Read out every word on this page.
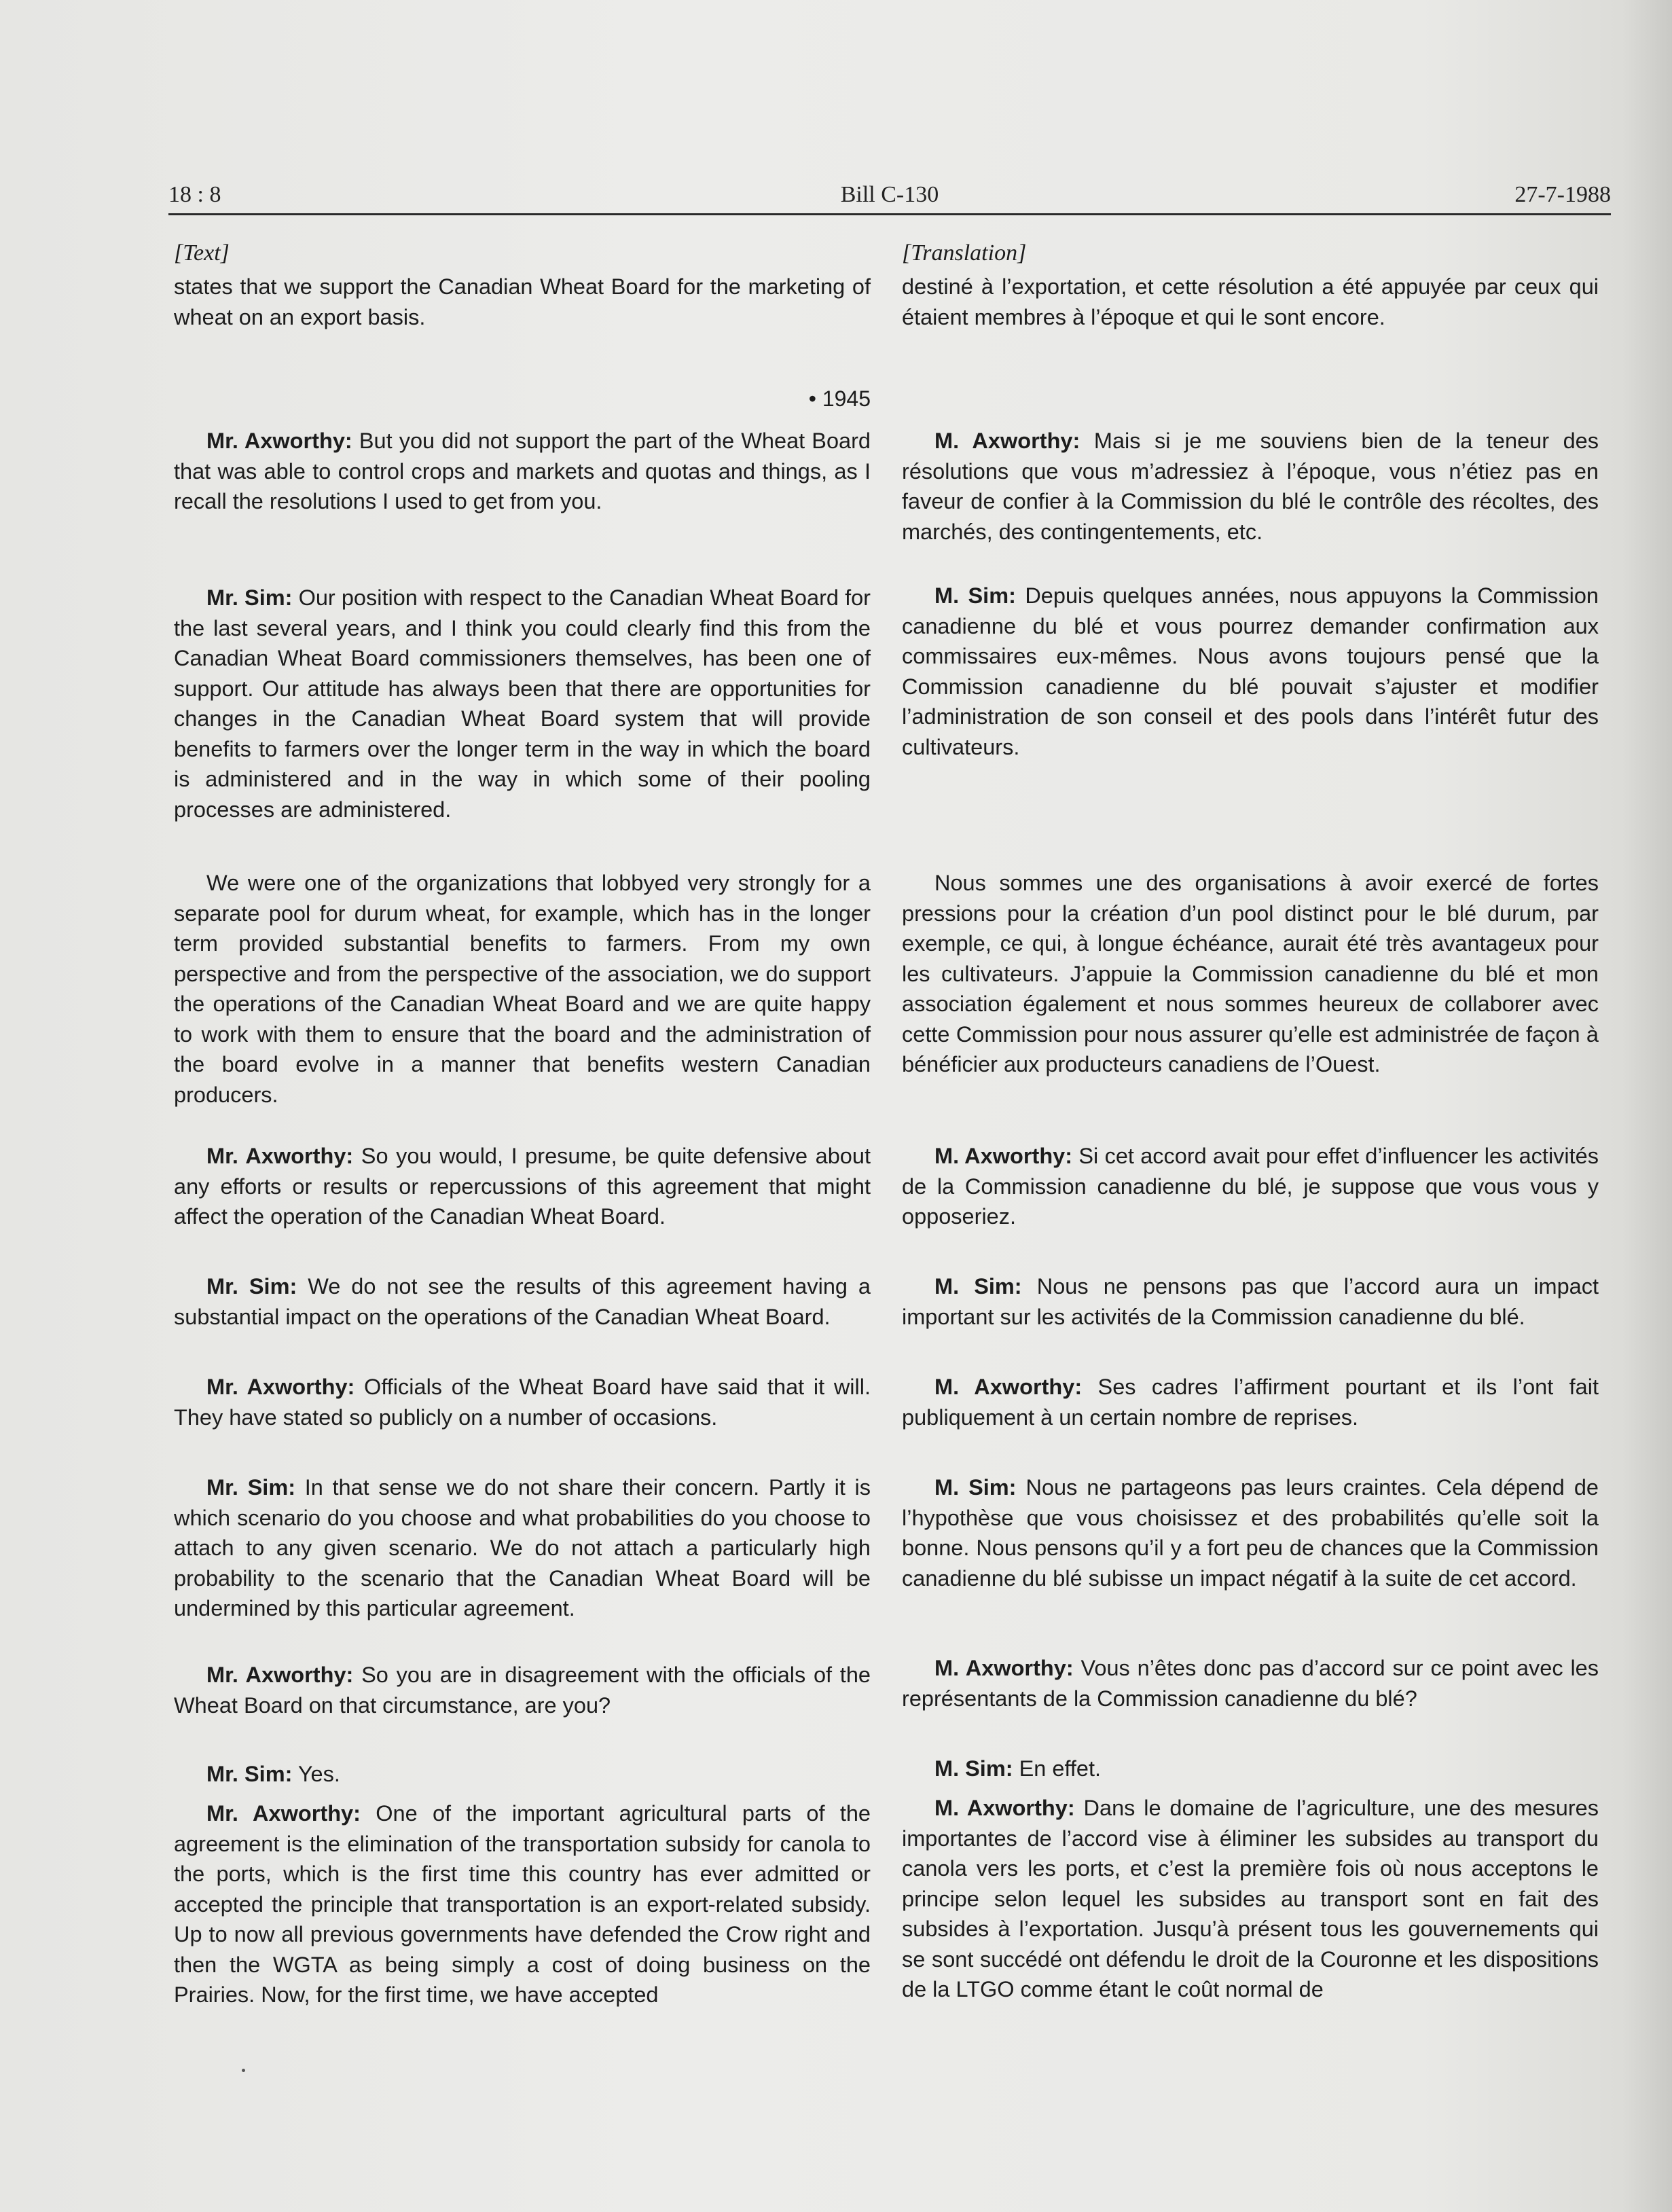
18 : 8	Bill C-130	27-7-1988

[Text]

states that we support the Canadian Wheat Board for the marketing of wheat on an export basis.

• 1945

Mr. Axworthy: But you did not support the part of the Wheat Board that was able to control crops and markets and quotas and things, as I recall the resolutions I used to get from you.

Mr. Sim: Our position with respect to the Canadian Wheat Board for the last several years, and I think you could clearly find this from the Canadian Wheat Board commissioners themselves, has been one of support. Our attitude has always been that there are opportunities for changes in the Canadian Wheat Board system that will provide benefits to farmers over the longer term in the way in which the board is administered and in the way in which some of their pooling processes are administered.

We were one of the organizations that lobbyed very strongly for a separate pool for durum wheat, for example, which has in the longer term provided substantial benefits to farmers. From my own perspective and from the perspective of the association, we do support the operations of the Canadian Wheat Board and we are quite happy to work with them to ensure that the board and the administration of the board evolve in a manner that benefits western Canadian producers.

Mr. Axworthy: So you would, I presume, be quite defensive about any efforts or results or repercussions of this agreement that might affect the operation of the Canadian Wheat Board.

Mr. Sim: We do not see the results of this agreement having a substantial impact on the operations of the Canadian Wheat Board.

Mr. Axworthy: Officials of the Wheat Board have said that it will. They have stated so publicly on a number of occasions.

Mr. Sim: In that sense we do not share their concern. Partly it is which scenario do you choose and what probabilities do you choose to attach to any given scenario. We do not attach a particularly high probability to the scenario that the Canadian Wheat Board will be undermined by this particular agreement.

Mr. Axworthy: So you are in disagreement with the officials of the Wheat Board on that circumstance, are you?

Mr. Sim: Yes.

Mr. Axworthy: One of the important agricultural parts of the agreement is the elimination of the transportation subsidy for canola to the ports, which is the first time this country has ever admitted or accepted the principle that transportation is an export-related subsidy. Up to now all previous governments have defended the Crow right and then the WGTA as being simply a cost of doing business on the Prairies. Now, for the first time, we have accepted

[Translation]

destiné à l’exportation, et cette résolution a été appuyée par ceux qui étaient membres à l’époque et qui le sont encore.

M. Axworthy: Mais si je me souviens bien de la teneur des résolutions que vous m’adressiez à l’époque, vous n’étiez pas en faveur de confier à la Commission du blé le contrôle des récoltes, des marchés, des contingentements, etc.

M. Sim: Depuis quelques années, nous appuyons la Commission canadienne du blé et vous pourrez demander confirmation aux commissaires eux-mêmes. Nous avons toujours pensé que la Commission canadienne du blé pouvait s’ajuster et modifier l’administration de son conseil et des pools dans l’intérêt futur des cultivateurs.

Nous sommes une des organisations à avoir exercé de fortes pressions pour la création d’un pool distinct pour le blé durum, par exemple, ce qui, à longue échéance, aurait été très avantageux pour les cultivateurs. J’appuie la Commission canadienne du blé et mon association également et nous sommes heureux de collaborer avec cette Commission pour nous assurer qu’elle est administrée de façon à bénéficier aux producteurs canadiens de l’Ouest.

M. Axworthy: Si cet accord avait pour effet d’influencer les activités de la Commission canadienne du blé, je suppose que vous vous y opposeriez.

M. Sim: Nous ne pensons pas que l’accord aura un impact important sur les activités de la Commission canadienne du blé.

M. Axworthy: Ses cadres l’affirment pourtant et ils l’ont fait publiquement à un certain nombre de reprises.

M. Sim: Nous ne partageons pas leurs craintes. Cela dépend de l’hypothèse que vous choisissez et des probabilités qu’elle soit la bonne. Nous pensons qu’il y a fort peu de chances que la Commission canadienne du blé subisse un impact négatif à la suite de cet accord.

M. Axworthy: Vous n’êtes donc pas d’accord sur ce point avec les représentants de la Commission canadienne du blé?

M. Sim: En effet.

M. Axworthy: Dans le domaine de l’agriculture, une des mesures importantes de l’accord vise à éliminer les subsides au transport du canola vers les ports, et c’est la première fois où nous acceptons le principe selon lequel les subsides au transport sont en fait des subsides à l’exportation. Jusqu’à présent tous les gouvernements qui se sont succédé ont défendu le droit de la Couronne et les dispositions de la LTGO comme étant le coût normal de
